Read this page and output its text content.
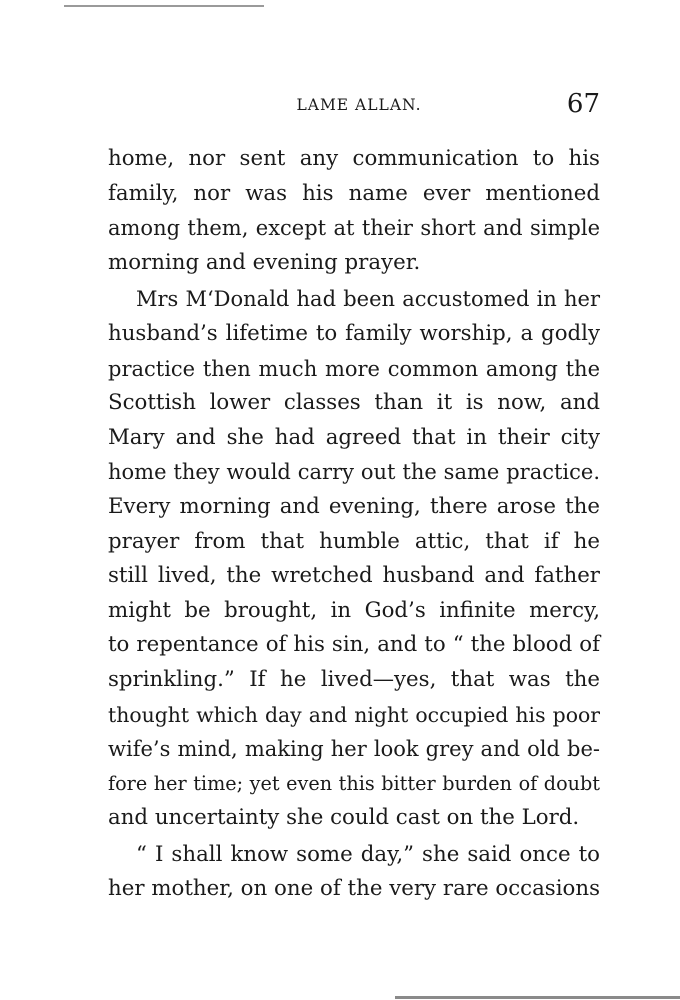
LAME ALLAN.	67
home, nor sent any communication to his
family, nor was his name ever mentioned
among them, except at their short and simple
morning and evening prayer.
Mrs M‘Donald had been accustomed in her
husband’s lifetime to family worship, a godly
practice then much more common among the
Scottish lower classes than it is now, and
Mary and she had agreed that in their city
home they would carry out the same practice.
Every morning and evening, there arose the
prayer from that humble attic, that if he
still lived, the wretched husband and father
might be brought, in God’s infinite mercy,
to repentance of his sin, and to “ the blood of
sprinkling.” If he lived—yes, that was the
thought which day and night occupied his poor
wife’s mind, making her look grey and old be-
fore her time; yet even this bitter burden of doubt
and uncertainty she could cast on the Lord.
“ I shall know some day,” she said once to
her mother, on one of the very rare occasions
